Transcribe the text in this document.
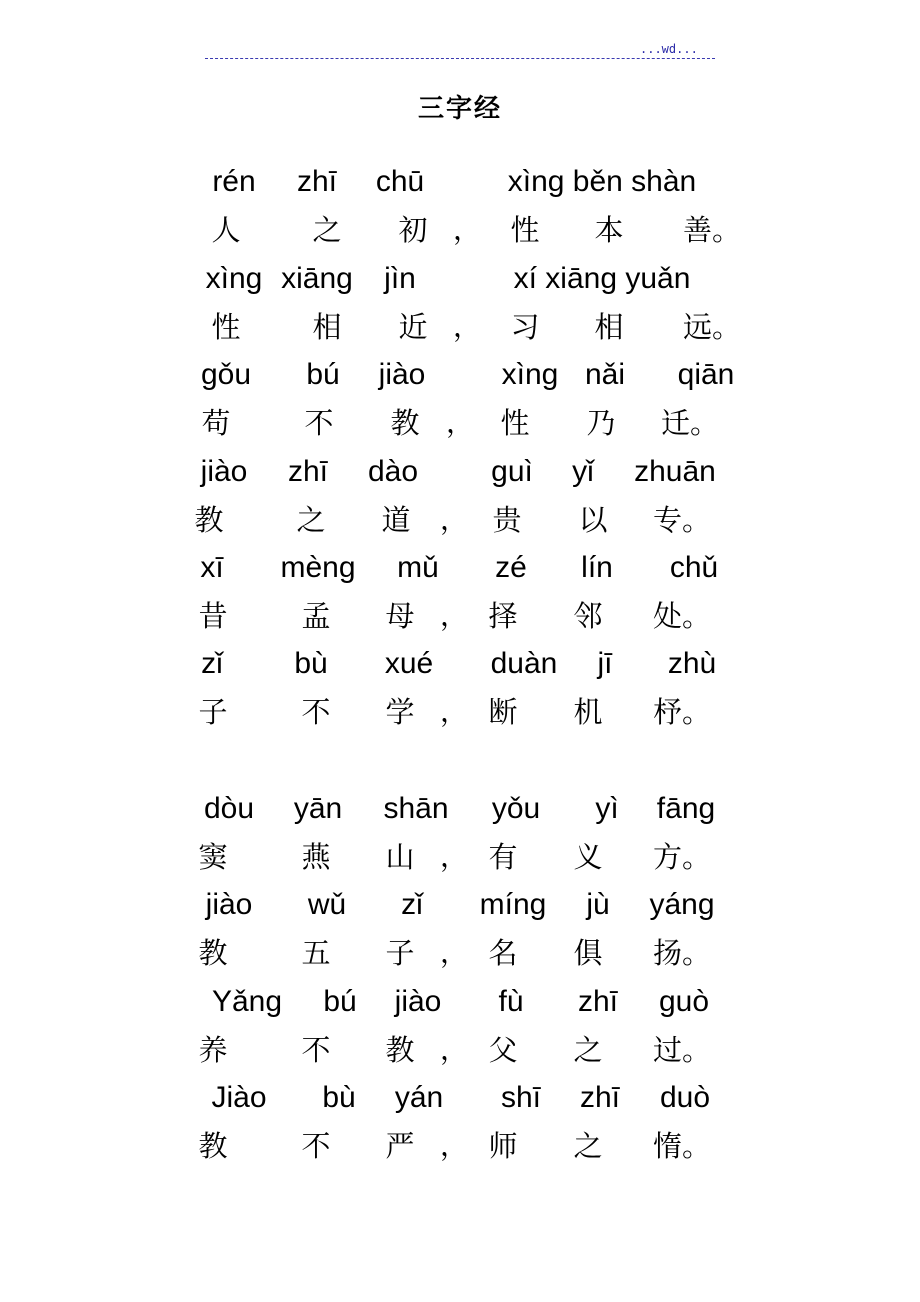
...wd...
三字经
rén zhī chū	xìng běn shàn
人 之 初 ， 性 本 善。
xìng xiāng jìn	xí xiāng yuǎn
性 相 近 ， 习 相 远。
gǒu bú jiào	xìng nǎi qiān
苟	不 教 ， 性 乃 迁。
jiào zhī dào guì yǐ zhuān
教	之 道 ， 贵 以 专。
xī mèng mǔ zé lín chǔ
昔	孟 母 ， 择 邻 处。
zǐ bù xué duàn jī zhù
子	不 学 ， 断 机 杼。
dòu yān shān yǒu yì fāng
窦	燕 山 ， 有 义 方。
jiào wǔ zǐ míng jù yáng
教	五 子 ， 名 俱 扬。
Yǎng bú jiào fù zhī guò
养	不 教 ， 父 之 过。
Jiào bù yán shī zhī duò
教	不 严 ， 师 之 惰。
